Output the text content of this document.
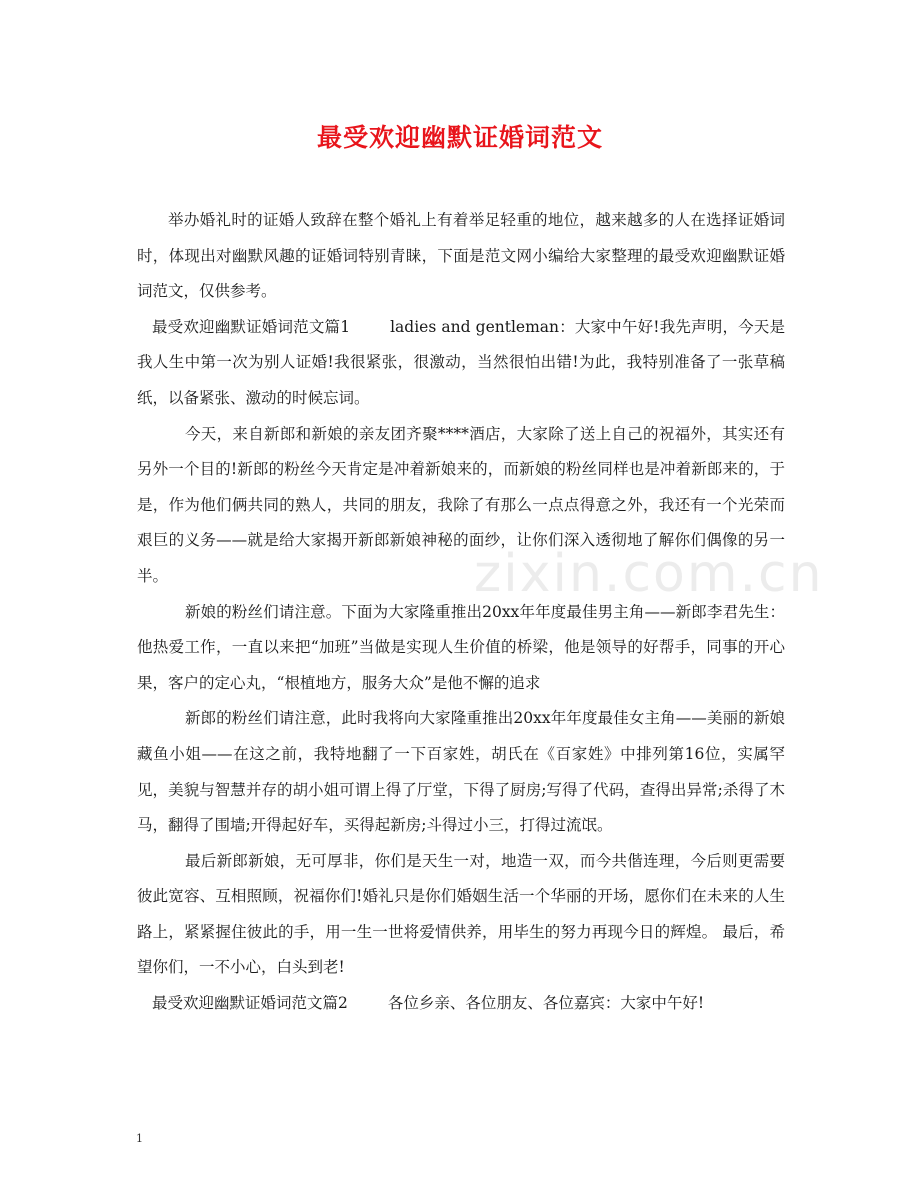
最受欢迎幽默证婚词范文
zixin.com.cn

举办婚礼时的证婚人致辞在整个婚礼上有着举足轻重的地位，越来越多的人在选择证婚词时，体现出对幽默风趣的证婚词特别青睐，下面是范文网小编给大家整理的最受欢迎幽默证婚词范文，仅供参考。

最受欢迎幽默证婚词范文篇1	ladies and gentleman：大家中午好!我先声明，今天是我人生中第一次为别人证婚!我很紧张，很激动，当然很怕出错!为此，我特别准备了一张草稿纸，以备紧张、激动的时候忘词。

今天，来自新郎和新娘的亲友团齐聚****酒店，大家除了送上自己的祝福外，其实还有另外一个目的!新郎的粉丝今天肯定是冲着新娘来的，而新娘的粉丝同样也是冲着新郎来的，于是，作为他们俩共同的熟人，共同的朋友，我除了有那么一点点得意之外，我还有一个光荣而艰巨的义务——就是给大家揭开新郎新娘神秘的面纱，让你们深入透彻地了解你们偶像的另一半。

新娘的粉丝们请注意。下面为大家隆重推出20xx年年度最佳男主角——新郎李君先生：他热爱工作，一直以来把“加班”当做是实现人生价值的桥梁，他是领导的好帮手，同事的开心果，客户的定心丸，“根植地方，服务大众”是他不懈的追求

新郎的粉丝们请注意，此时我将向大家隆重推出20xx年年度最佳女主角——美丽的新娘藏鱼小姐——在这之前，我特地翻了一下百家姓，胡氏在《百家姓》中排列第16位，实属罕见，美貌与智慧并存的胡小姐可谓上得了厅堂，下得了厨房;写得了代码，查得出异常;杀得了木马，翻得了围墙;开得起好车，买得起新房;斗得过小三，打得过流氓。

最后新郎新娘，无可厚非，你们是天生一对，地造一双，而今共偕连理，今后则更需要彼此宽容、互相照顾，祝福你们!婚礼只是你们婚姻生活一个华丽的开场，愿你们在未来的人生路上，紧紧握住彼此的手，用一生一世将爱情供养，用毕生的努力再现今日的辉煌。 最后，希望你们，一不小心，白头到老!

最受欢迎幽默证婚词范文篇2	各位乡亲、各位朋友、各位嘉宾：大家中午好!

1
